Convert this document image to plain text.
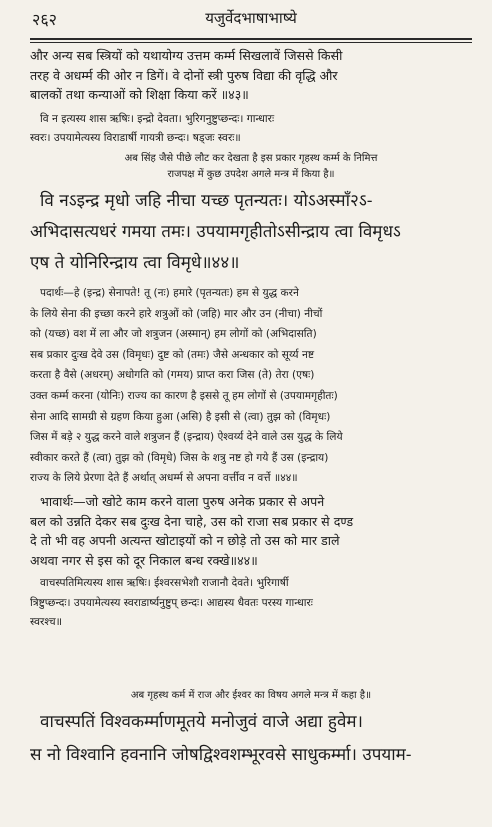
२६२	यजुर्वेदभाषाभाष्ये
और अन्य सब स्त्रियों को यथायोग्य उत्तम कर्म्म सिखलावें जिससे किसी
तरह वे अधर्म्म की ओर न डिगें। वे दोनों स्त्री पुरुष विद्या की वृद्धि और
बालकों तथा कन्याओं को शिक्षा किया करें ॥४३॥
वि न इत्यस्य शास ऋषिः। इन्द्रो देवता। भुरिगनुष्टुप्छन्दः। गान्धारः
स्वरः। उपयामेत्यस्य विराडार्षी गायत्री छन्दः। षड्जः स्वरः॥
अब सिंह जैसे पीछे लौट कर देखता है इस प्रकार गृहस्थ कर्म्म के निमित्त
राजपक्ष में कुछ उपदेश अगले मन्त्र में किया है॥
वि नऽइन्द्र मृधो जहि नीचा यच्छ पृतन्यतः। योऽअस्माँ२ऽ-
अभिदासत्यधरं गमया तमः। उपयामगृहीतोऽसीन्द्राय त्वा विमृधऽ
एष ते योनिरिन्द्राय त्वा विमृधे॥४४॥
पदार्थः—हे (इन्द्र) सेनापते! तू (नः) हमारे (पृतन्यतः) हम से युद्ध करने
के लिये सेना की इच्छा करने हारे शत्रुओं को (जहि) मार और उन (नीचा) नीचों
को (यच्छ) वश में ला और जो शत्रुजन (अस्मान्) हम लोगों को (अभिदासति)
सब प्रकार दुःख देवे उस (विमृधः) दुष्ट को (तमः) जैसे अन्धकार को सूर्य्य नष्ट
करता है वैसे (अधरम्) अधोगति को (गमय) प्राप्त करा जिस (ते) तेरा (एषः)
उक्त कर्म्म करना (योनिः) राज्य का कारण है इससे तू हम लोगों से (उपयामगृहीतः)
सेना आदि सामग्री से ग्रहण किया हुआ (असि) है इसी से (त्वा) तुझ को (विमृधः)
जिस में बड़े २ युद्ध करने वाले शत्रुजन हैं (इन्द्राय) ऐश्वर्य्य देने वाले उस युद्ध के लिये
स्वीकार करते हैं (त्वा) तुझ को (विमृधे) जिस के शत्रु नष्ट हो गये हैं उस (इन्द्राय)
राज्य के लिये प्रेरणा देते हैं अर्थात् अधर्म्म से अपना वर्त्तीव न वर्त्ते ॥४४॥
भावार्थः—जो खोटे काम करने वाला पुरुष अनेक प्रकार से अपने
बल को उन्नति देकर सब दुःख देना चाहे, उस को राजा सब प्रकार से दण्ड
दे तो भी वह अपनी अत्यन्त खोटाइयों को न छोड़े तो उस को मार डाले
अथवा नगर से इस को दूर निकाल बन्ध रक्खे॥४४॥
वाचस्पतिमित्यस्य शास ऋषिः। ईश्वरसभेशौ राजानौ देवते। भुरिगार्षी
त्रिष्टुप्छन्दः। उपयामेत्यस्य स्वराडार्ष्यनुष्टुप् छन्दः। आद्यस्य धैवतः परस्य गान्धारः
स्वरश्च॥
अब गृहस्थ कर्म में राज और ईश्वर का विषय अगले मन्त्र में कहा है॥
वाचस्पतिं विश्वकर्म्माणमूतये मनोजुवं वाजे अद्या हुवेम।
स नो विश्वानि हवनानि जोषद्विश्वशम्भूरवसे साधुकर्म्मा। उपयाम-
